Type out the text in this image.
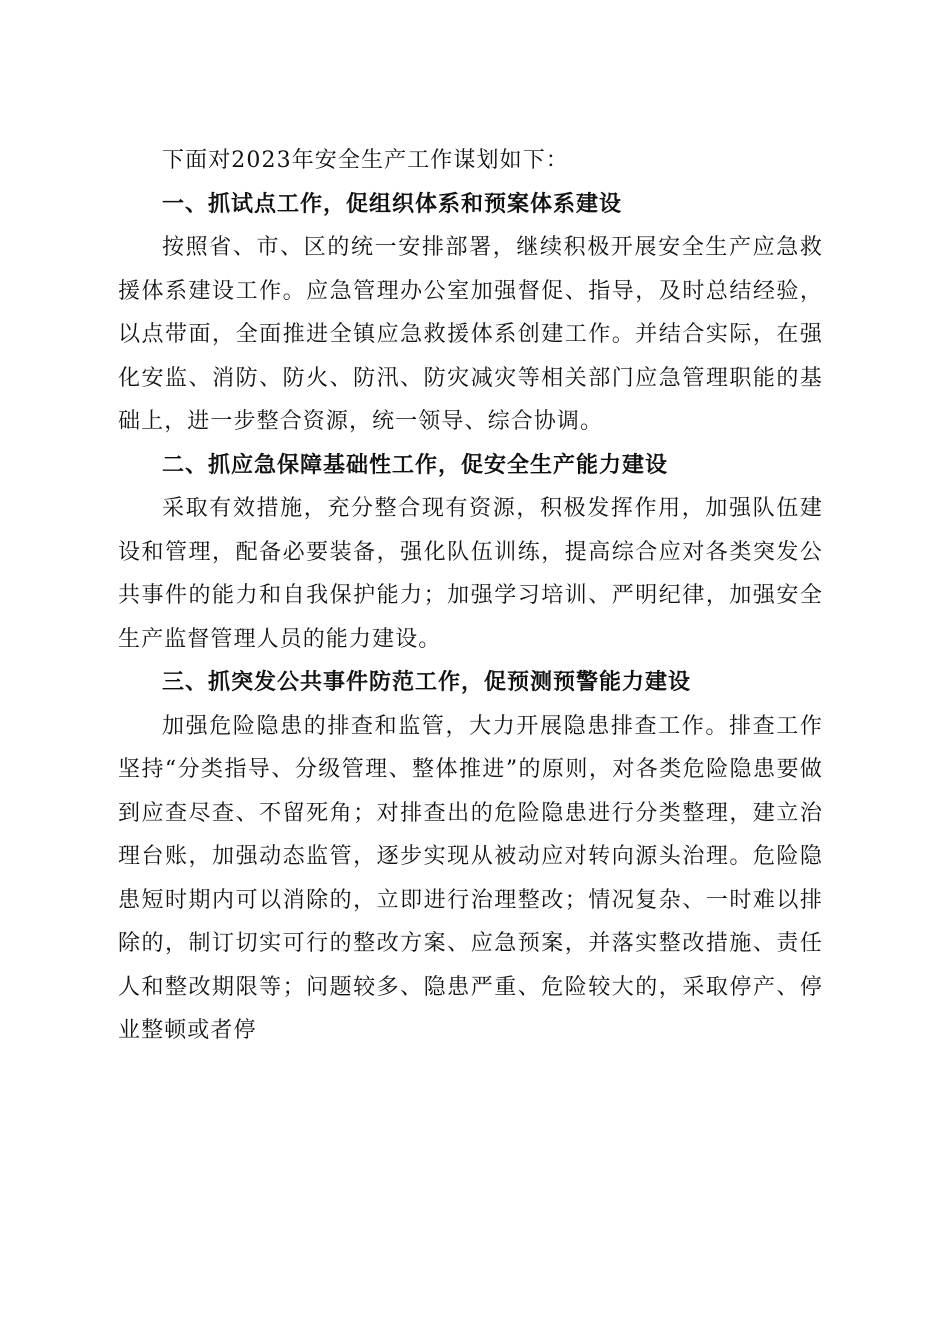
下面对2023年安全生产工作谋划如下：

一、抓试点工作，促组织体系和预案体系建设

按照省、市、区的统一安排部署，继续积极开展安全生产应急救援体系建设工作。应急管理办公室加强督促、指导，及时总结经验，以点带面，全面推进全镇应急救援体系创建工作。并结合实际，在强化安监、消防、防火、防汛、防灾减灾等相关部门应急管理职能的基础上，进一步整合资源，统一领导、综合协调。

二、抓应急保障基础性工作，促安全生产能力建设

采取有效措施，充分整合现有资源，积极发挥作用，加强队伍建设和管理，配备必要装备，强化队伍训练，提高综合应对各类突发公共事件的能力和自我保护能力；加强学习培训、严明纪律，加强安全生产监督管理人员的能力建设。

三、抓突发公共事件防范工作，促预测预警能力建设

加强危险隐患的排查和监管，大力开展隐患排查工作。排查工作坚持“分类指导、分级管理、整体推进”的原则，对各类危险隐患要做到应查尽查、不留死角；对排查出的危险隐患进行分类整理，建立治理台账，加强动态监管，逐步实现从被动应对转向源头治理。危险隐患短时期内可以消除的，立即进行治理整改；情况复杂、一时难以排除的，制订切实可行的整改方案、应急预案，并落实整改措施、责任人和整改期限等；问题较多、隐患严重、危险较大的，采取停产、停业整顿或者停
